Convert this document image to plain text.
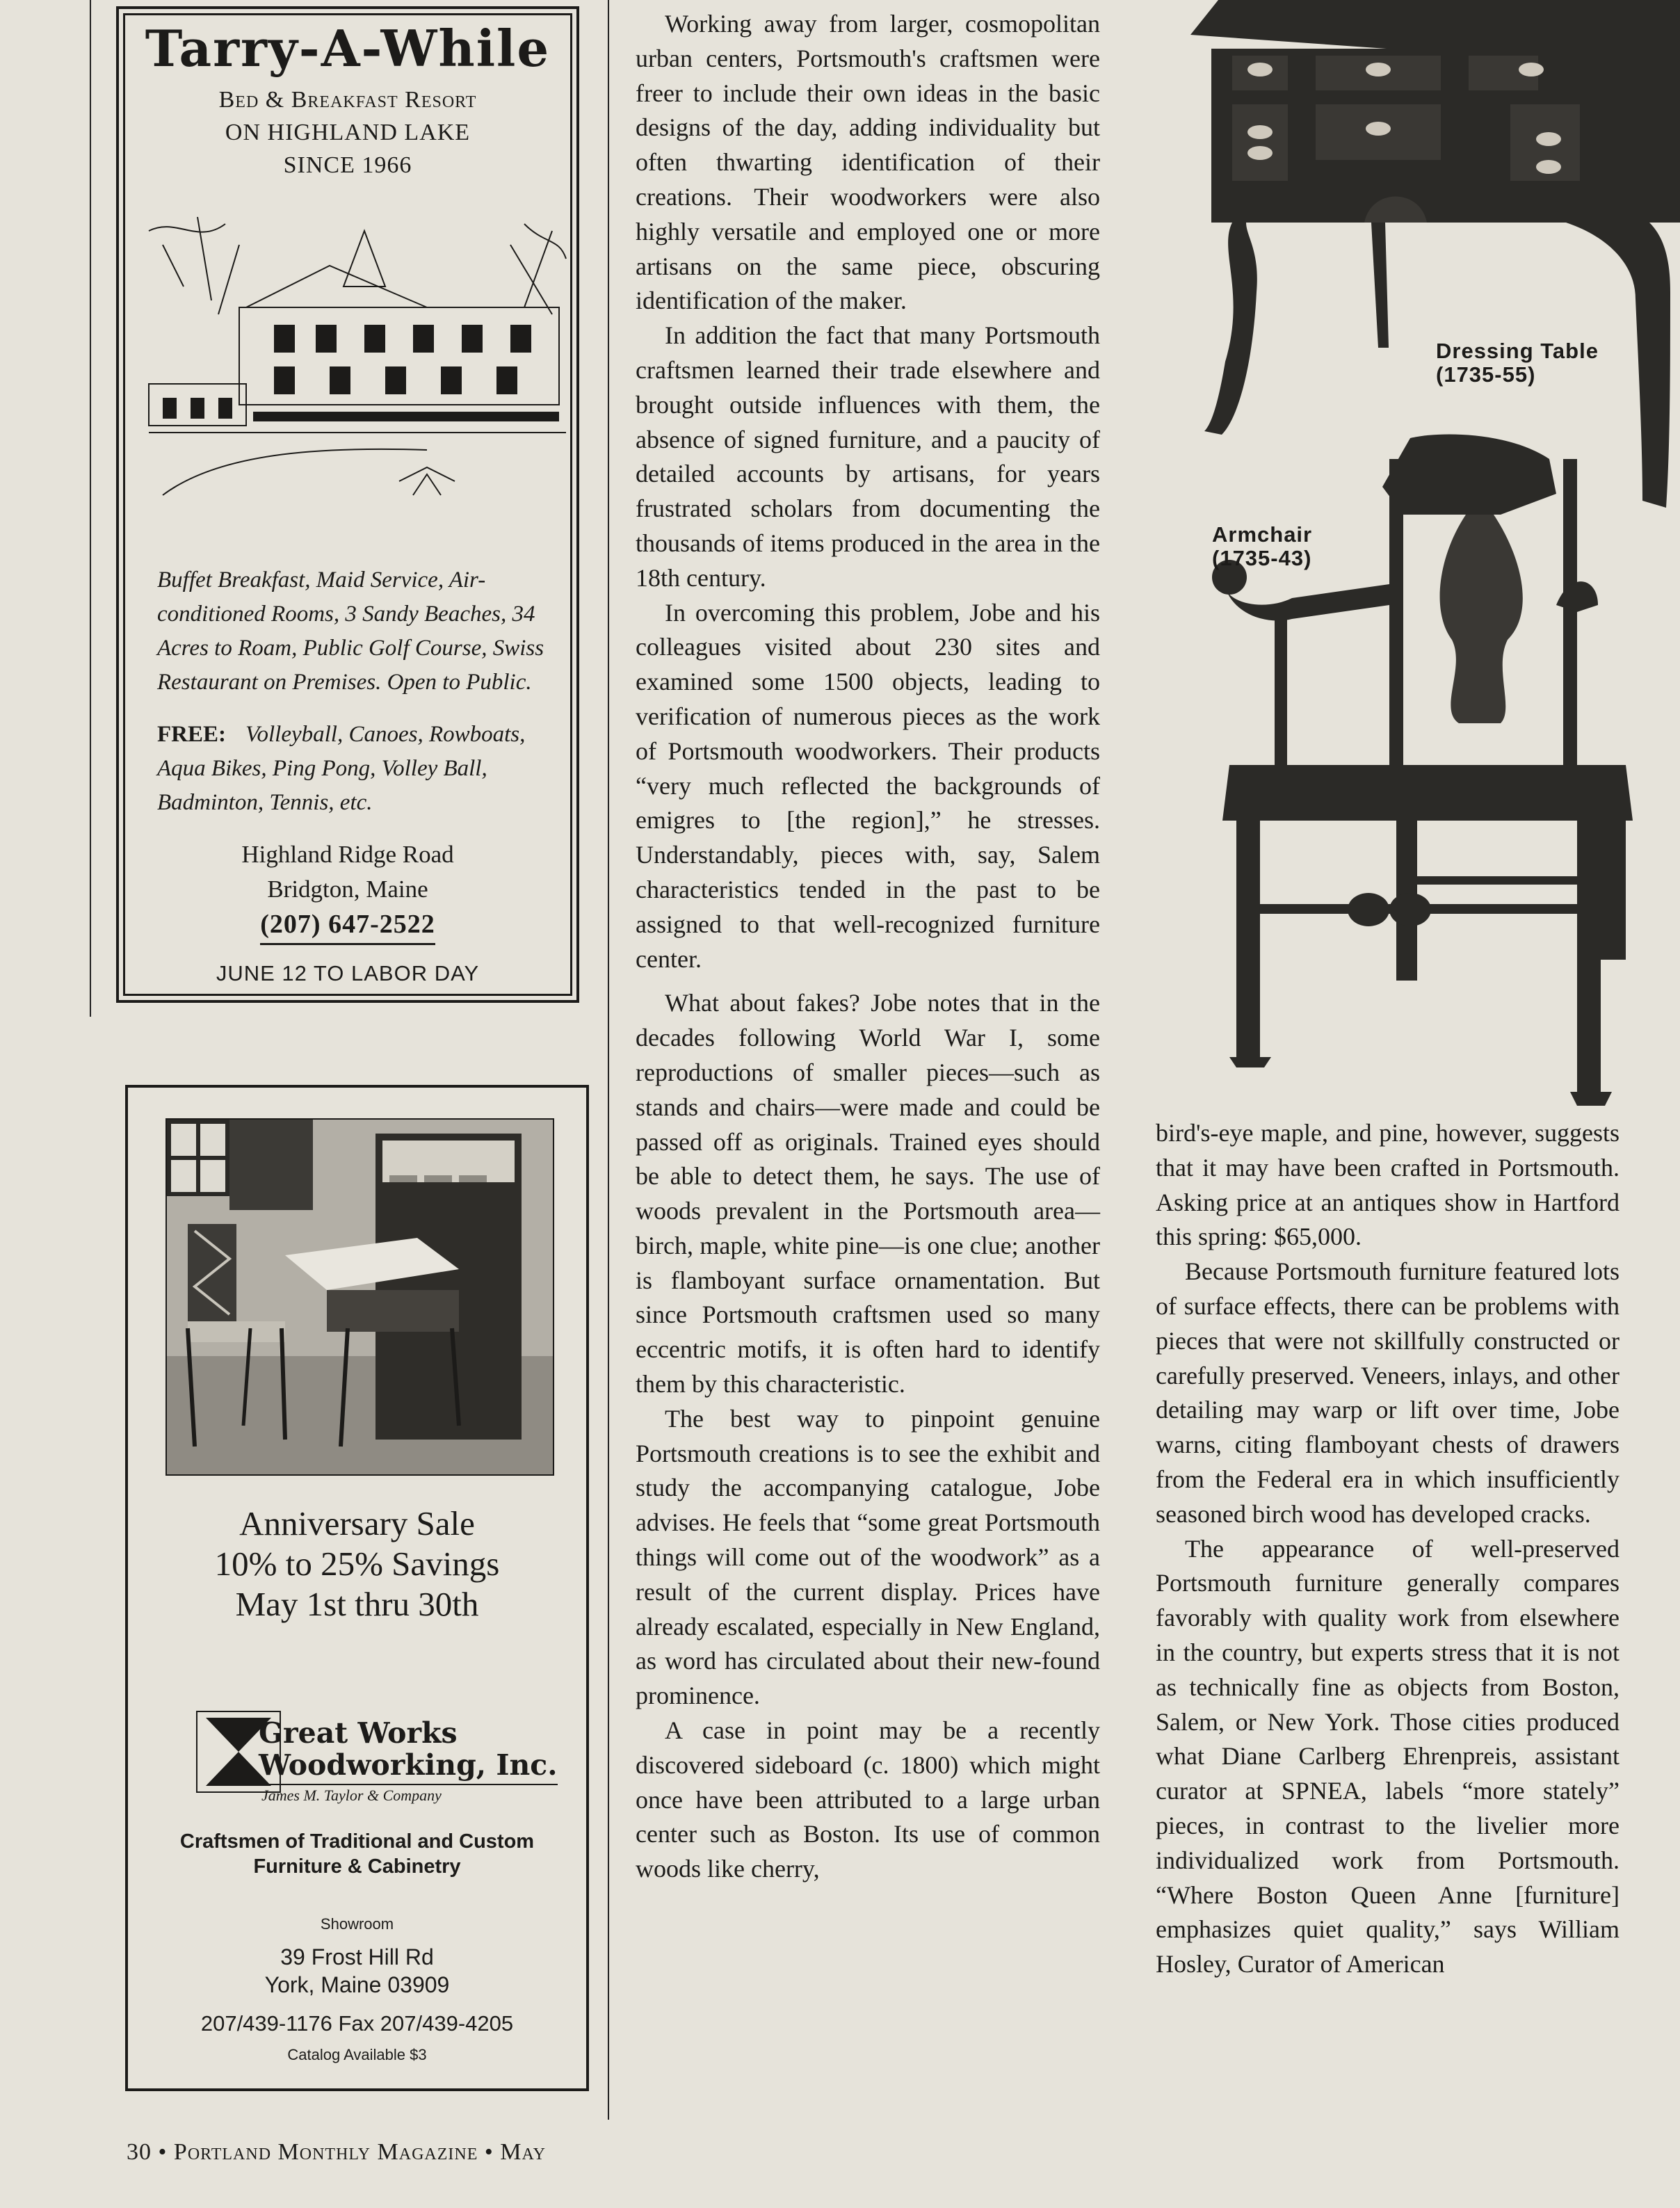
Tarry-A-While
Bed & Breakfast Resort
ON HIGHLAND LAKE
SINCE 1966
Buffet Breakfast, Maid Service, Air-conditioned Rooms, 3 Sandy Beaches, 34 Acres to Roam, Public Golf Course, Swiss Restaurant on Premises. Open to Public.
FREE: Volleyball, Canoes, Rowboats, Aqua Bikes, Ping Pong, Volley Ball, Badminton, Tennis, etc.
Highland Ridge Road
Bridgton, Maine
(207) 647-2522
JUNE 12 TO LABOR DAY
Anniversary Sale
10% to 25% Savings
May 1st thru 30th
Great Works
Woodworking, Inc.
James M. Taylor & Company
Craftsmen of Traditional and Custom
Furniture & Cabinetry
Showroom
39 Frost Hill Rd
York, Maine 03909
207/439-1176 Fax 207/439-4205
Catalog Available $3

Working away from larger, cosmopolitan urban centers, Portsmouth's craftsmen were freer to include their own ideas in the basic designs of the day, adding individuality but often thwarting identification of their creations. Their woodworkers were also highly versatile and employed one or more artisans on the same piece, obscuring identification of the maker.

In addition the fact that many Portsmouth craftsmen learned their trade elsewhere and brought outside influences with them, the absence of signed furniture, and a paucity of detailed accounts by artisans, for years frustrated scholars from documenting the thousands of items produced in the area in the 18th century.

In overcoming this problem, Jobe and his colleagues visited about 230 sites and examined some 1500 objects, leading to verification of numerous pieces as the work of Portsmouth woodworkers. Their products “very much reflected the backgrounds of emigres to [the region],” he stresses. Understandably, pieces with, say, Salem characteristics tended in the past to be assigned to that well-recognized furniture center.

What about fakes? Jobe notes that in the decades following World War I, some reproductions of smaller pieces—such as stands and chairs—were made and could be passed off as originals. Trained eyes should be able to detect them, he says. The use of woods prevalent in the Portsmouth area—birch, maple, white pine—is one clue; another is flamboyant surface ornamentation. But since Portsmouth craftsmen used so many eccentric motifs, it is often hard to identify them by this characteristic.

The best way to pinpoint genuine Portsmouth creations is to see the exhibit and study the accompanying catalogue, Jobe advises. He feels that “some great Portsmouth things will come out of the woodwork” as a result of the current display. Prices have already escalated, especially in New England, as word has circulated about their new-found prominence.

A case in point may be a recently discovered sideboard (c. 1800) which might once have been attributed to a large urban center such as Boston. Its use of common woods like cherry,

Dressing Table
(1735-55)
Armchair
(1735-43)

bird's-eye maple, and pine, however, suggests that it may have been crafted in Portsmouth. Asking price at an antiques show in Hartford this spring: $65,000.

Because Portsmouth furniture featured lots of surface effects, there can be problems with pieces that were not skillfully constructed or carefully preserved. Veneers, inlays, and other detailing may warp or lift over time, Jobe warns, citing flamboyant chests of drawers from the Federal era in which insufficiently seasoned birch wood has developed cracks.

The appearance of well-preserved Portsmouth furniture generally compares favorably with quality work from elsewhere in the country, but experts stress that it is not as technically fine as objects from Boston, Salem, or New York. Those cities produced what Diane Carlberg Ehrenpreis, assistant curator at SPNEA, labels “more stately” pieces, in contrast to the livelier more individualized work from Portsmouth. “Where Boston Queen Anne [furniture] emphasizes quiet quality,” says William Hosley, Curator of American

30 • Portland Monthly Magazine • May
